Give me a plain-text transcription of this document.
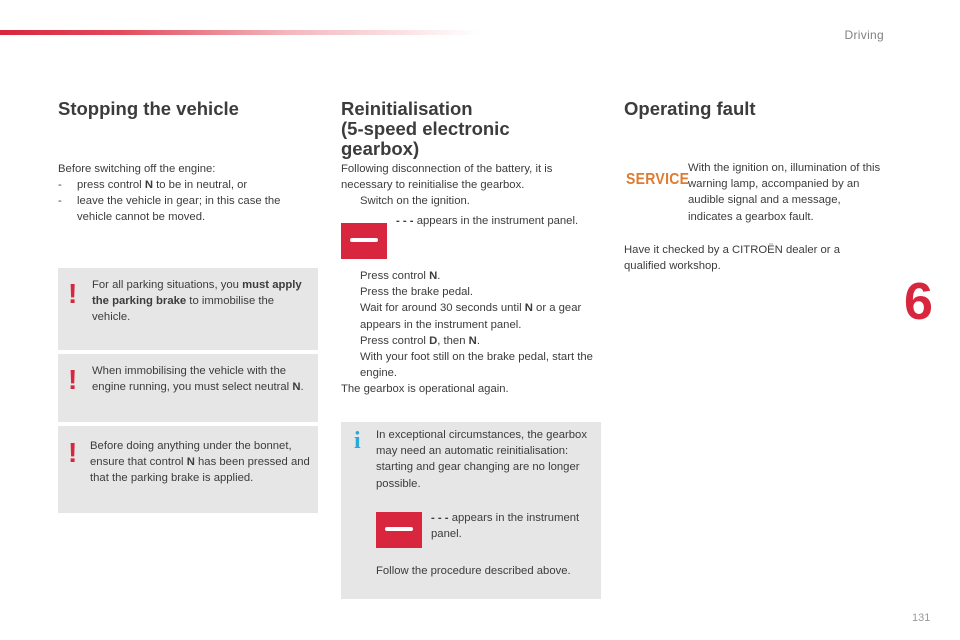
Driving
6
131
Stopping the vehicle
Before switching off the engine:
-	press control N to be in neutral, or
-	leave the vehicle in gear; in this case the vehicle cannot be moved.
! For all parking situations, you must apply the parking brake to immobilise the vehicle.
! When immobilising the vehicle with the engine running, you must select neutral N.
! Before doing anything under the bonnet, ensure that control N has been pressed and that the parking brake is applied.
Reinitialisation
(5-speed electronic
gearbox)
Following disconnection of the battery, it is necessary to reinitialise the gearbox.
Switch on the ignition.
- - - appears in the instrument panel.
Press control N.
Press the brake pedal.
Wait for around 30 seconds until N or a gear appears in the instrument panel.
Press control D, then N.
With your foot still on the brake pedal, start the engine.
The gearbox is operational again.
i In exceptional circumstances, the gearbox may need an automatic reinitialisation: starting and gear changing are no longer possible.
- - - appears in the instrument panel.
Follow the procedure described above.
Operating fault
SERVICE
With the ignition on, illumination of this warning lamp, accompanied by an audible signal and a message, indicates a gearbox fault.
Have it checked by a CITROËN dealer or a qualified workshop.
